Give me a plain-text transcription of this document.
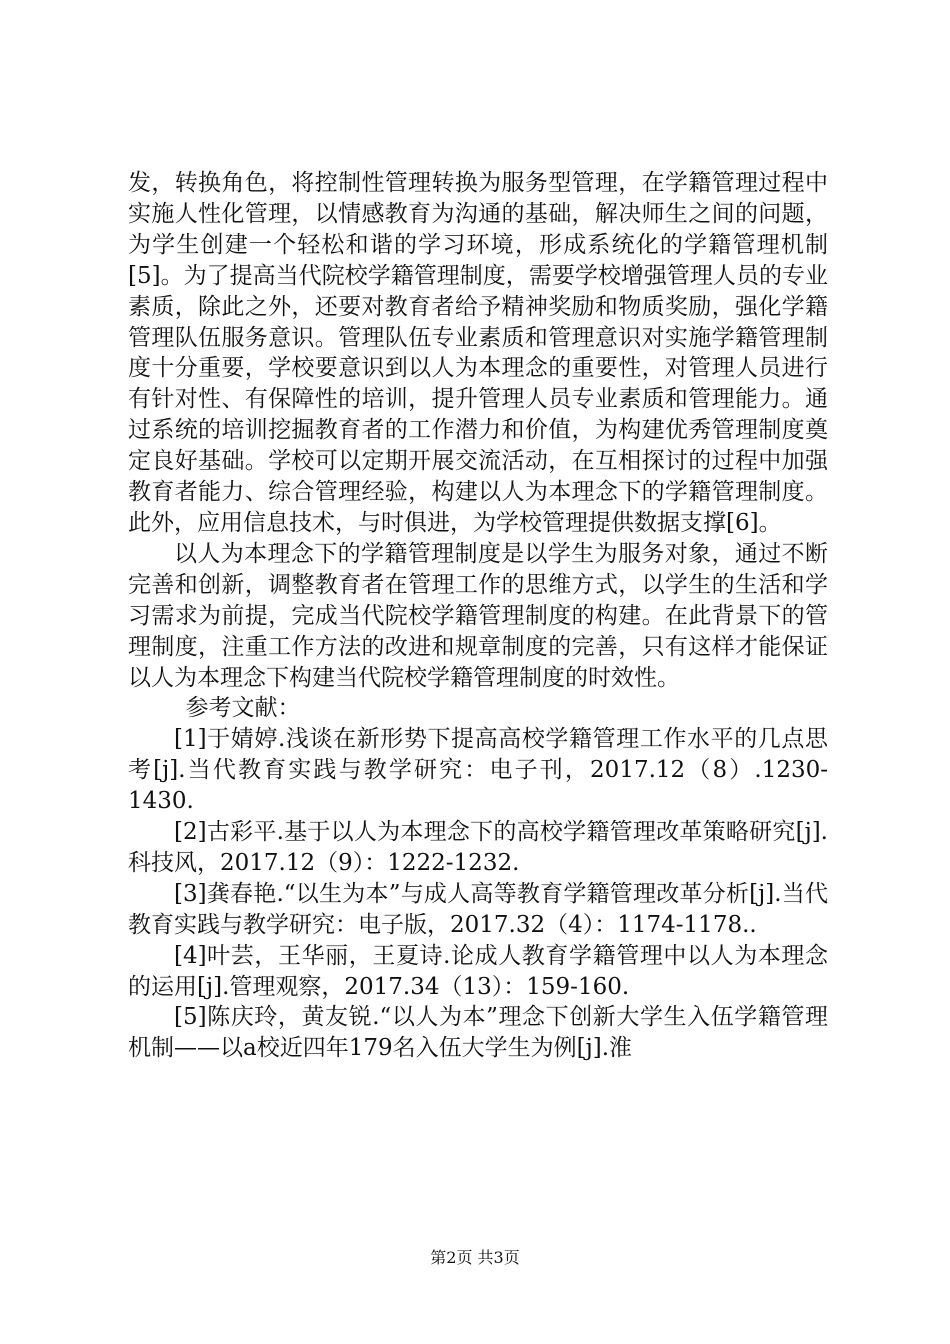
发，转换角色，将控制性管理转换为服务型管理，在学籍管理过程中实施人性化管理，以情感教育为沟通的基础，解决师生之间的问题，为学生创建一个轻松和谐的学习环境，形成系统化的学籍管理机制[5]。为了提高当代院校学籍管理制度，需要学校增强管理人员的专业素质，除此之外，还要对教育者给予精神奖励和物质奖励，强化学籍管理队伍服务意识。管理队伍专业素质和管理意识对实施学籍管理制度十分重要，学校要意识到以人为本理念的重要性，对管理人员进行有针对性、有保障性的培训，提升管理人员专业素质和管理能力。通过系统的培训挖掘教育者的工作潜力和价值，为构建优秀管理制度奠定良好基础。学校可以定期开展交流活动，在互相探讨的过程中加强教育者能力、综合管理经验，构建以人为本理念下的学籍管理制度。此外，应用信息技术，与时俱进，为学校管理提供数据支撑[6]。

以人为本理念下的学籍管理制度是以学生为服务对象，通过不断完善和创新，调整教育者在管理工作的思维方式，以学生的生活和学习需求为前提，完成当代院校学籍管理制度的构建。在此背景下的管理制度，注重工作方法的改进和规章制度的完善，只有这样才能保证以人为本理念下构建当代院校学籍管理制度的时效性。

参考文献：

[1]于婧婷.浅谈在新形势下提高高校学籍管理工作水平的几点思考[j].当代教育实践与教学研究：电子刊，2017.12（8）.1230-1430.

[2]古彩平.基于以人为本理念下的高校学籍管理改革策略研究[j].科技风，2017.12（9）：1222-1232.

[3]龚春艳.“以生为本”与成人高等教育学籍管理改革分析[j].当代教育实践与教学研究：电子版，2017.32（4）：1174-1178..

[4]叶芸，王华丽，王夏诗.论成人教育学籍管理中以人为本理念的运用[j].管理观察，2017.34（13）：159-160.

[5]陈庆玲，黄友锐.“以人为本”理念下创新大学生入伍学籍管理机制——以a校近四年179名入伍大学生为例[j].淮

第2页 共3页
